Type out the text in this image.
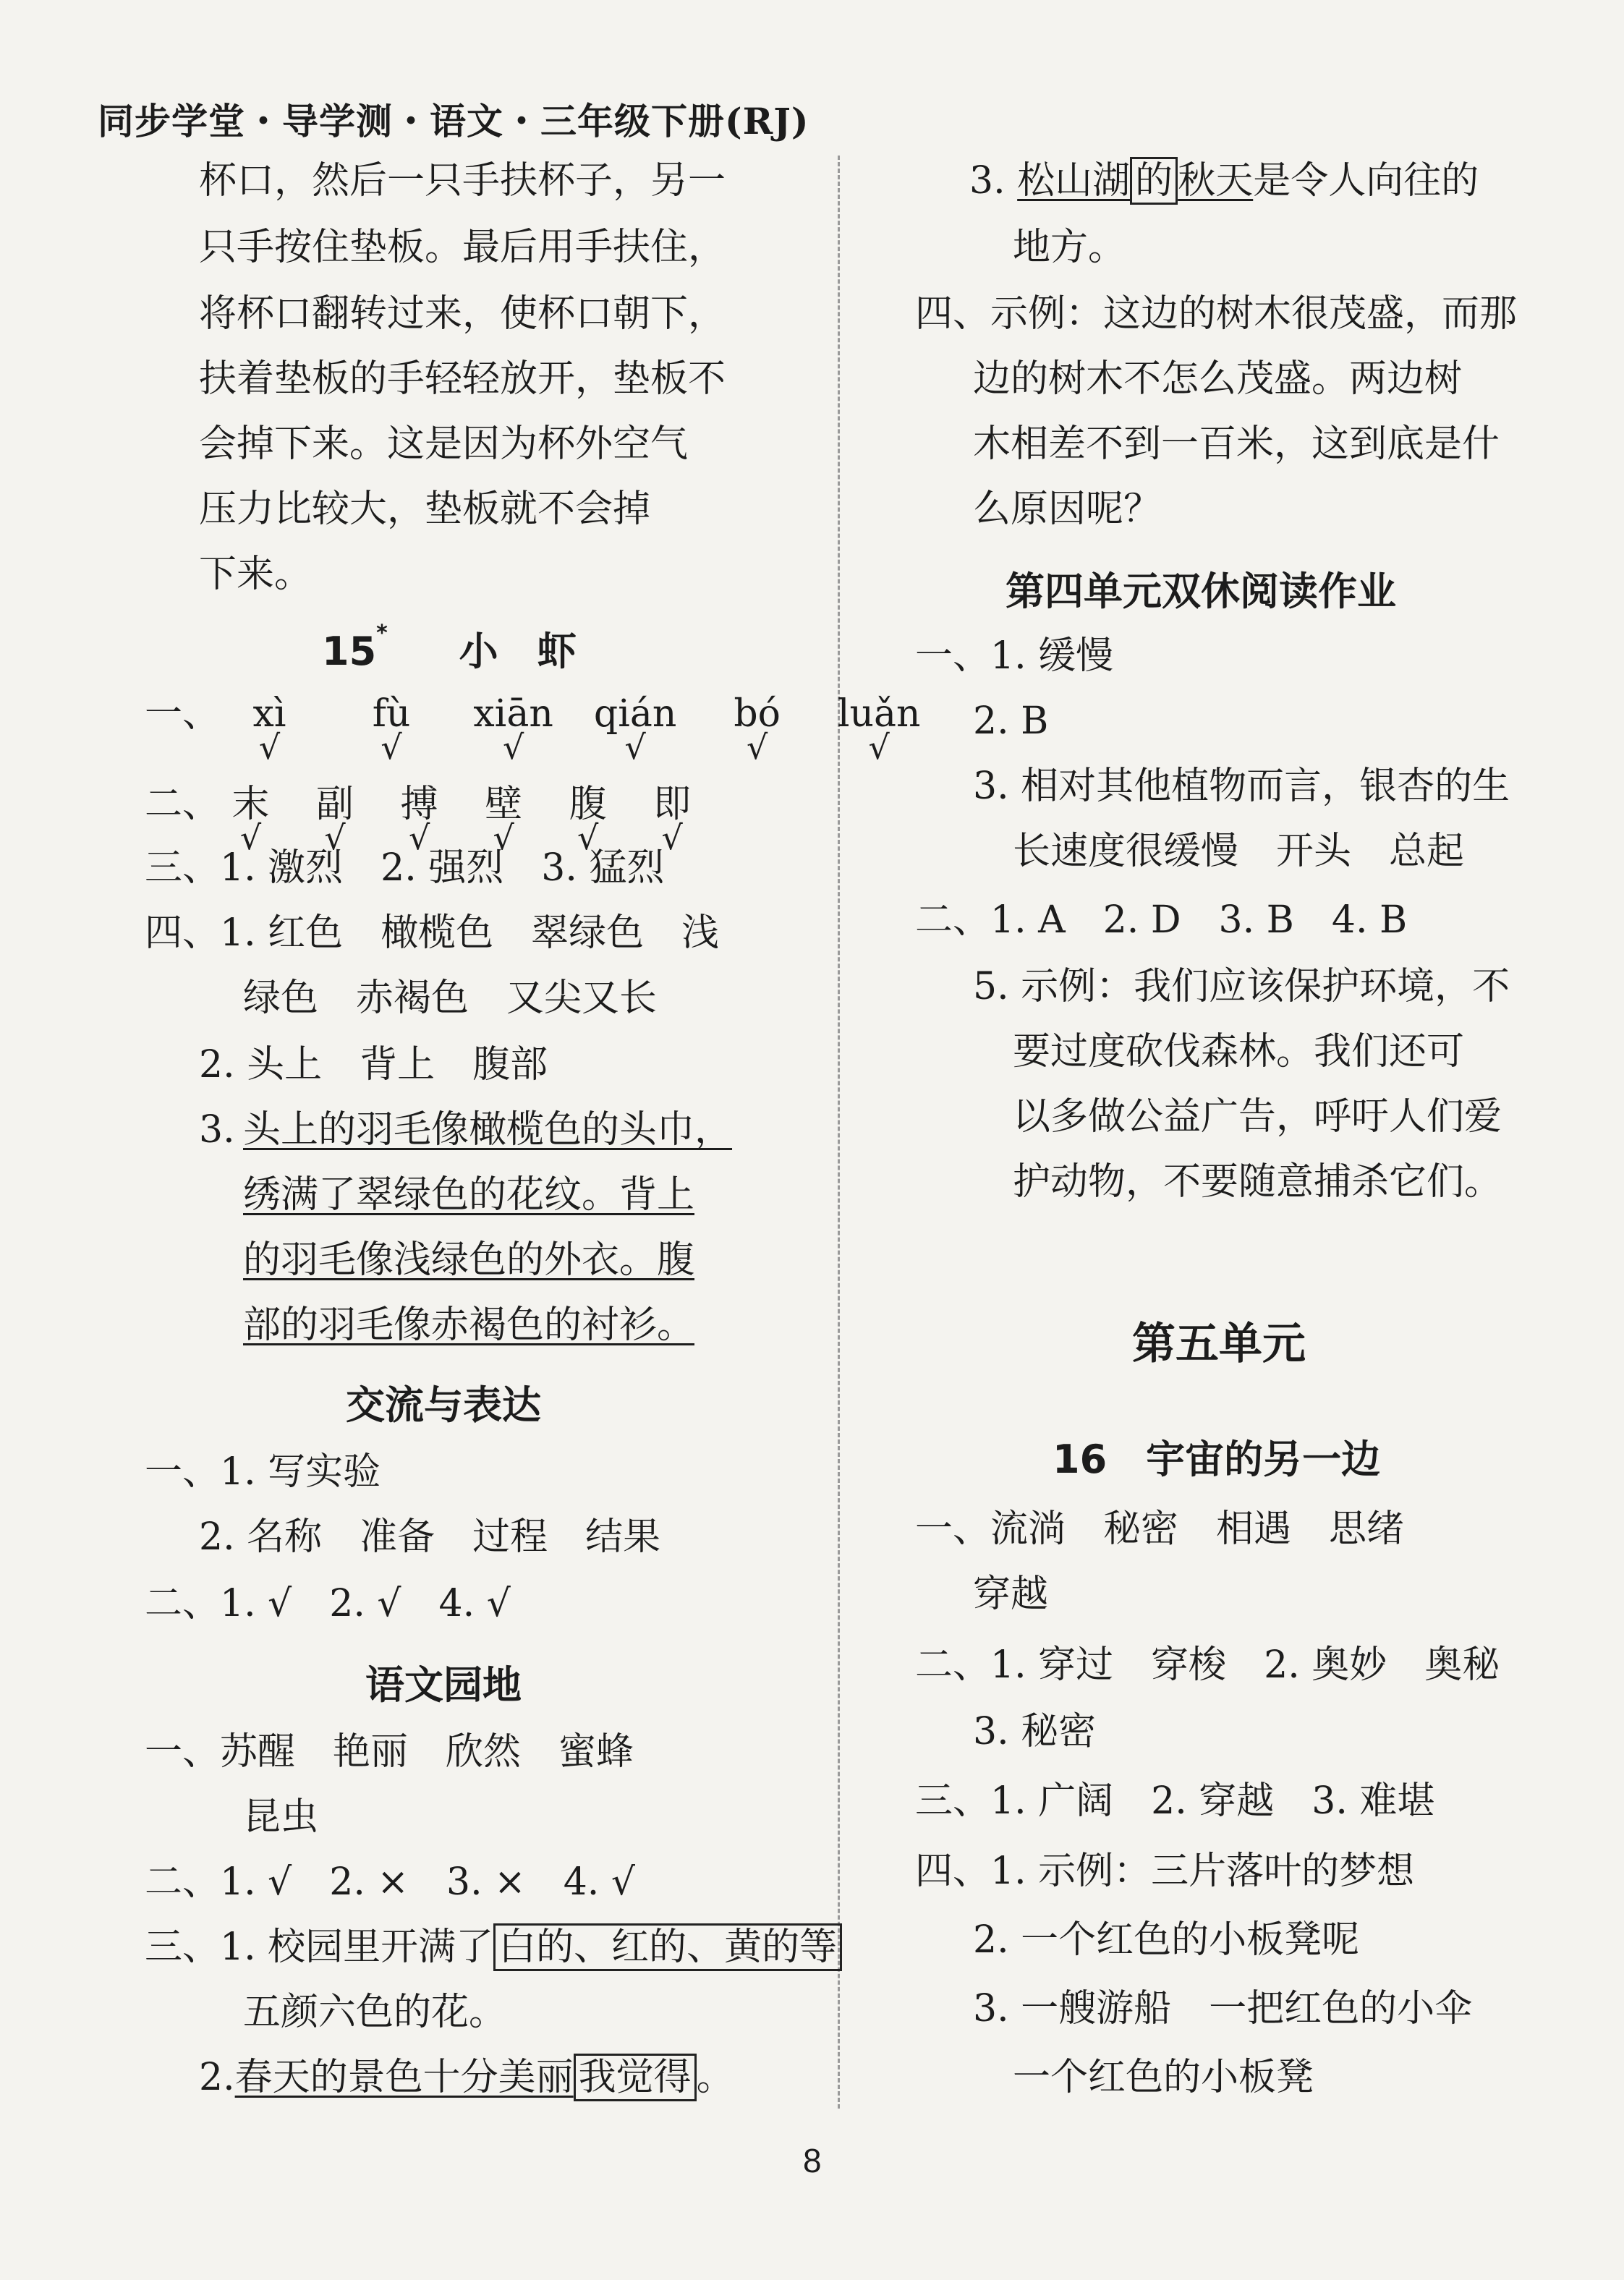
同步学堂・导学测・语文・三年级下册(RJ)
杯口，然后一只手扶杯子，另一
只手按住垫板。最后用手扶住，
将杯口翻转过来，使杯口朝下，
扶着垫板的手轻轻放开，垫板不
会掉下来。这是因为杯外空气
压力比较大，垫板就不会掉
下来。
15* 小　虾
一、 xì
√
fù
√
xiān
√
qián
√
bó
√
luǎn
√
二、 末
√
副
√
搏
√
壁
√
腹
√
即
√
三、1. 激烈　2. 强烈　3. 猛烈
四、1. 红色　橄榄色　翠绿色　浅
绿色　赤褐色　又尖又长
2. 头上　背上　腹部
3. 头上的羽毛像橄榄色的头巾，
绣满了翠绿色的花纹。背上
的羽毛像浅绿色的外衣。腹
部的羽毛像赤褐色的衬衫。
交流与表达
一、1. 写实验
2. 名称　准备　过程　结果
二、1. √　2. √　4. √
语文园地
一、苏醒　艳丽　欣然　蜜蜂
昆虫
二、1. √　2. ×　3. ×　4. √
三、1. 校园里开满了 白的、红的、黄的等
五颜六色的花。
2.春天的景色十分美丽 我觉得 。
3. 松山湖 的 秋天是令人向往的
地方。
四、示例：这边的树木很茂盛，而那
边的树木不怎么茂盛。两边树
木相差不到一百米，这到底是什
么原因呢？
第四单元双休阅读作业
一、1. 缓慢
2. B
3. 相对其他植物而言，银杏的生
长速度很缓慢　开头　总起
二、1. A　2. D　3. B　4. B
5. 示例：我们应该保护环境，不
要过度砍伐森林。我们还可
以多做公益广告，呼吁人们爱
护动物，不要随意捕杀它们。
第五单元
16　宇宙的另一边
一、流淌　秘密　相遇　思绪
穿越
二、1. 穿过　穿梭　2. 奥妙　奥秘
3. 秘密
三、1. 广阔　2. 穿越　3. 难堪
四、1. 示例：三片落叶的梦想
2. 一个红色的小板凳呢
3. 一艘游船　一把红色的小伞
一个红色的小板凳
8
